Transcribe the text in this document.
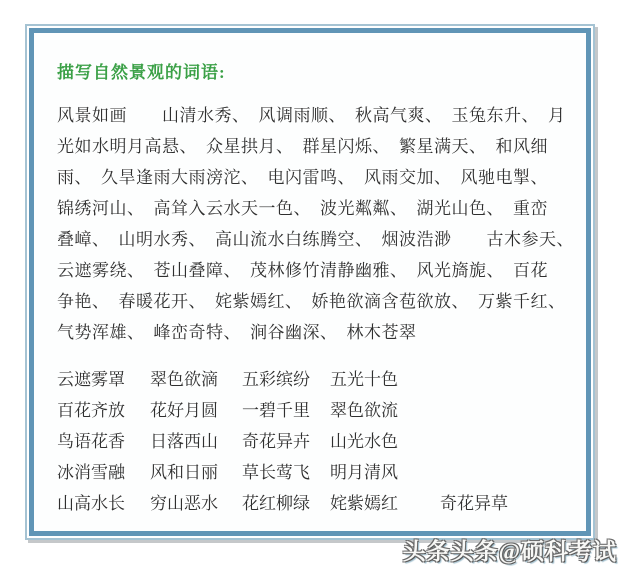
描写自然景观的词语:
风景如画　　山清水秀、　风调雨顺、　秋高气爽、　玉兔东升、　月
光如水明月高悬、　众星拱月、　群星闪烁、　繁星满天、　和风细
雨、　久旱逢雨大雨滂沱、　电闪雷鸣、　风雨交加、　风驰电掣、
锦绣河山、　高耸入云水天一色、　波光粼粼、　湖光山色、　重峦
叠嶂、　山明水秀、　高山流水白练腾空、　烟波浩渺　　古木参天、
云遮雾绕、　苍山叠障、　茂林修竹清静幽雅、　风光旖旎、　百花
争艳、　春暖花开、　姹紫嫣红、　娇艳欲滴含苞欲放、　万紫千红、
气势浑雄、　峰峦奇特、　涧谷幽深、　林木苍翠
云遮雾罩	翠色欲滴	五彩缤纷	五光十色
百花齐放	花好月圆	一碧千里	翠色欲流
鸟语花香	日落西山	奇花异卉	山光水色
冰消雪融	风和日丽	草长莺飞	明月清风
山高水长	穷山恶水	花红柳绿	姹紫嫣红	奇花异草
头条头条@硕科考试
